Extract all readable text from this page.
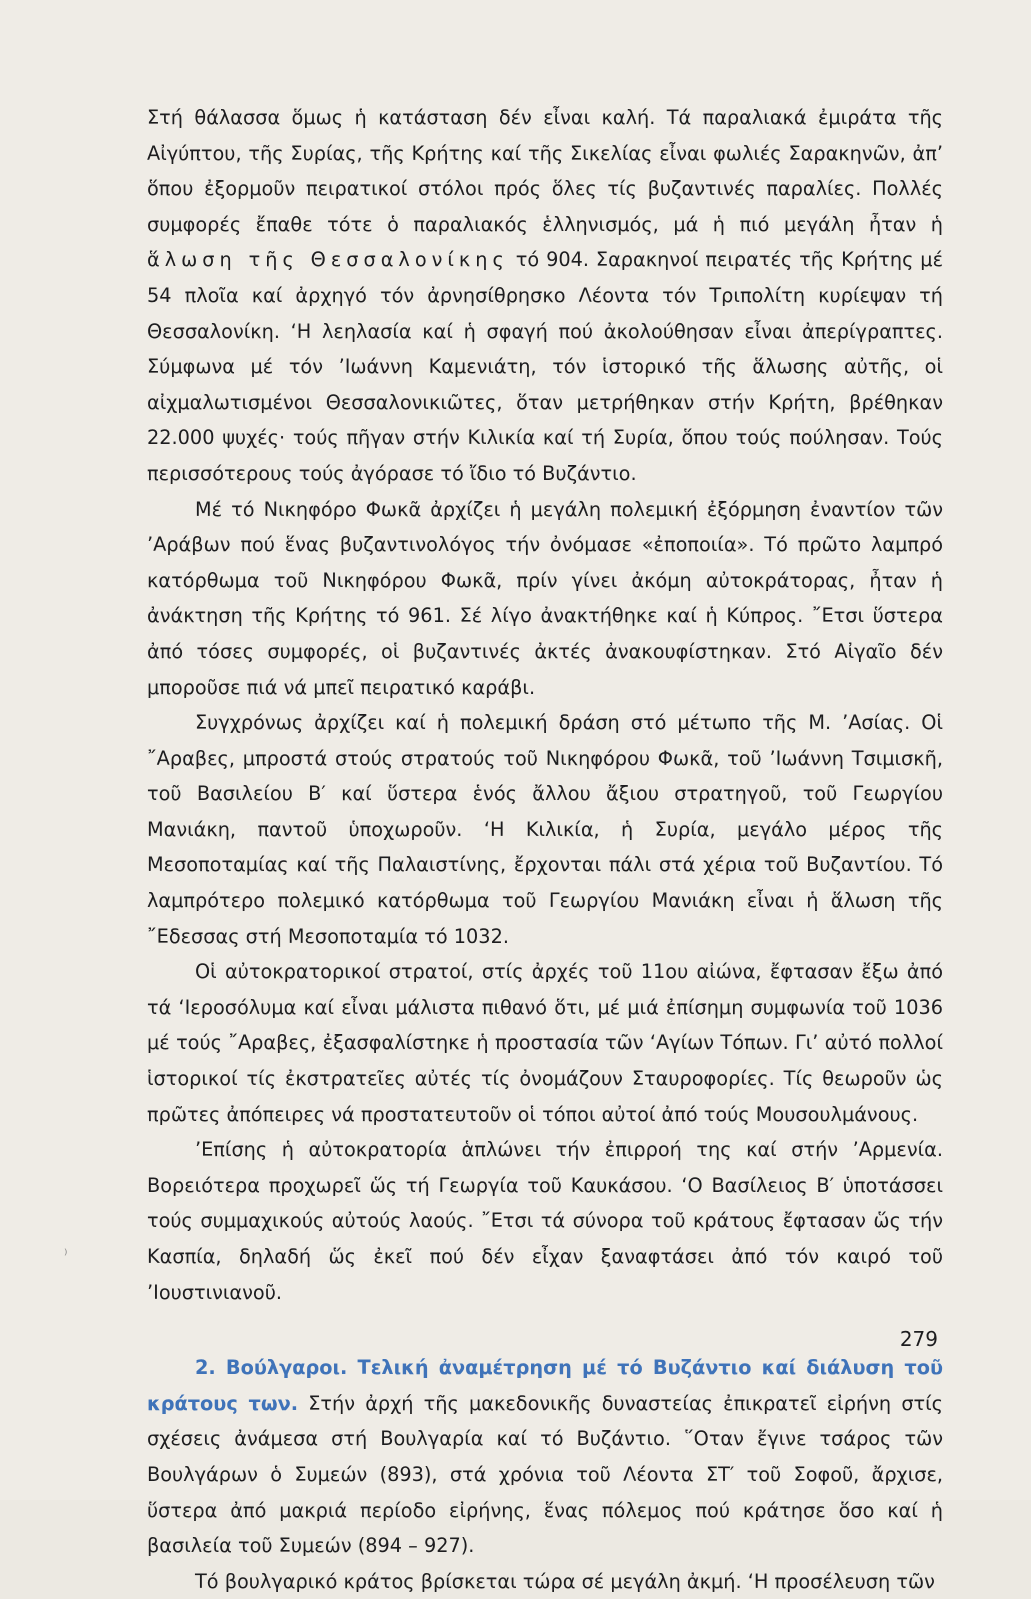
Στή θάλασσα ὅμως ἡ κατάσταση δέν εἶναι καλή. Τά παραλιακά ἐμιράτα τῆς Αἰγύπτου, τῆς Συρίας, τῆς Κρήτης καί τῆς Σικελίας εἶναι φωλιές Σαρακηνῶν, ἀπ’ ὅπου ἐξορμοῦν πειρατικοί στόλοι πρός ὅλες τίς βυζαντινές παραλίες. Πολλές συμφορές ἔπαθε τότε ὁ παραλιακός ἑλληνισμός, μά ἡ πιό μεγάλη ἦταν ἡ ἅλωση τῆς Θεσσαλονίκης τό 904. Σαρακηνοί πειρατές τῆς Κρήτης μέ 54 πλοῖα καί ἀρχηγό τόν ἀρνησίθρησκο Λέοντα τόν Τριπολίτη κυρίεψαν τή Θεσσαλονίκη. ‘Η λεηλασία καί ἡ σφαγή πού ἀκολούθησαν εἶναι ἀπερίγραπτες. Σύμφωνα μέ τόν ’Ιωάννη Καμενιάτη, τόν ἱστορικό τῆς ἅλωσης αὐτῆς, οἱ αἰχμαλωτισμένοι Θεσσαλονικιῶτες, ὅταν μετρήθηκαν στήν Κρήτη, βρέθηκαν 22.000 ψυχές· τούς πῆγαν στήν Κιλικία καί τή Συρία, ὅπου τούς πούλησαν. Τούς περισσότερους τούς ἀγόρασε τό ἴδιο τό Βυζάντιο.

Μέ τό Νικηφόρο Φωκᾶ ἀρχίζει ἡ μεγάλη πολεμική ἐξόρμηση ἐναντίον τῶν ’Αράβων πού ἕνας βυζαντινολόγος τήν ὀνόμασε «ἐποποιία». Τό πρῶτο λαμπρό κατόρθωμα τοῦ Νικηφόρου Φωκᾶ, πρίν γίνει ἀκόμη αὐτοκράτορας, ἦταν ἡ ἀνάκτηση τῆς Κρήτης τό 961. Σέ λίγο ἀνακτήθηκε καί ἡ Κύπρος. ῎Ετσι ὕστερα ἀπό τόσες συμφορές, οἱ βυζαντινές ἀκτές ἀνακουφίστηκαν. Στό Αἰγαῖο δέν μποροῦσε πιά νά μπεῖ πειρατικό καράβι.

Συγχρόνως ἀρχίζει καί ἡ πολεμική δράση στό μέτωπο τῆς Μ. ’Ασίας. Οἱ ῎Αραβες, μπροστά στούς στρατούς τοῦ Νικηφόρου Φωκᾶ, τοῦ ’Ιωάννη Τσιμισκῆ, τοῦ Βασιλείου Β′ καί ὕστερα ἑνός ἄλλου ἄξιου στρατηγοῦ, τοῦ Γεωργίου Μανιάκη, παντοῦ ὑποχωροῦν. ‘Η Κιλικία, ἡ Συρία, μεγάλο μέρος τῆς Μεσοποταμίας καί τῆς Παλαιστίνης, ἔρχονται πάλι στά χέρια τοῦ Βυζαντίου. Τό λαμπρότερο πολεμικό κατόρθωμα τοῦ Γεωργίου Μανιάκη εἶναι ἡ ἅλωση τῆς ῎Εδεσσας στή Μεσοποταμία τό 1032.

Οἱ αὐτοκρατορικοί στρατοί, στίς ἀρχές τοῦ 11ου αἰώνα, ἔφτασαν ἔξω ἀπό τά ‘Ιεροσόλυμα καί εἶναι μάλιστα πιθανό ὅτι, μέ μιά ἐπίσημη συμφωνία τοῦ 1036 μέ τούς ῎Αραβες, ἐξασφαλίστηκε ἡ προστασία τῶν ‘Αγίων Τόπων. Γι’ αὐτό πολλοί ἱστορικοί τίς ἐκστρατεῖες αὐτές τίς ὀνομάζουν Σταυροφορίες. Τίς θεωροῦν ὡς πρῶτες ἀπόπειρες νά προστατευτοῦν οἱ τόποι αὐτοί ἀπό τούς Μουσουλμάνους.

’Επίσης ἡ αὐτοκρατορία ἁπλώνει τήν ἐπιρροή της καί στήν ’Αρμενία. Βορειότερα προχωρεῖ ὥς τή Γεωργία τοῦ Καυκάσου. ‘Ο Βασίλειος Β′ ὑποτάσσει τούς συμμαχικούς αὐτούς λαούς. ῎Ετσι τά σύνορα τοῦ κράτους ἔφτασαν ὥς τήν Κασπία, δηλαδή ὥς ἐκεῖ πού δέν εἶχαν ξαναφτάσει ἀπό τόν καιρό τοῦ ’Ιουστινιανοῦ.

2. Βούλγαροι. Τελική ἀναμέτρηση μέ τό Βυζάντιο καί διάλυση τοῦ κράτους των. Στήν ἀρχή τῆς μακεδονικῆς δυναστείας ἐπικρατεῖ εἰρήνη στίς σχέσεις ἀνάμεσα στή Βουλγαρία καί τό Βυζάντιο. ῞Οταν ἔγινε τσάρος τῶν Βουλγάρων ὁ Συμεών (893), στά χρόνια τοῦ Λέοντα ΣΤ′ τοῦ Σοφοῦ, ἄρχισε, ὕστερα ἀπό μακριά περίοδο εἰρήνης, ἕνας πόλεμος πού κράτησε ὅσο καί ἡ βασιλεία τοῦ Συμεών (894 – 927).

Τό βουλγαρικό κράτος βρίσκεται τώρα σέ μεγάλη ἀκμή. ‘Η προσέλευση τῶν

⁾
279
